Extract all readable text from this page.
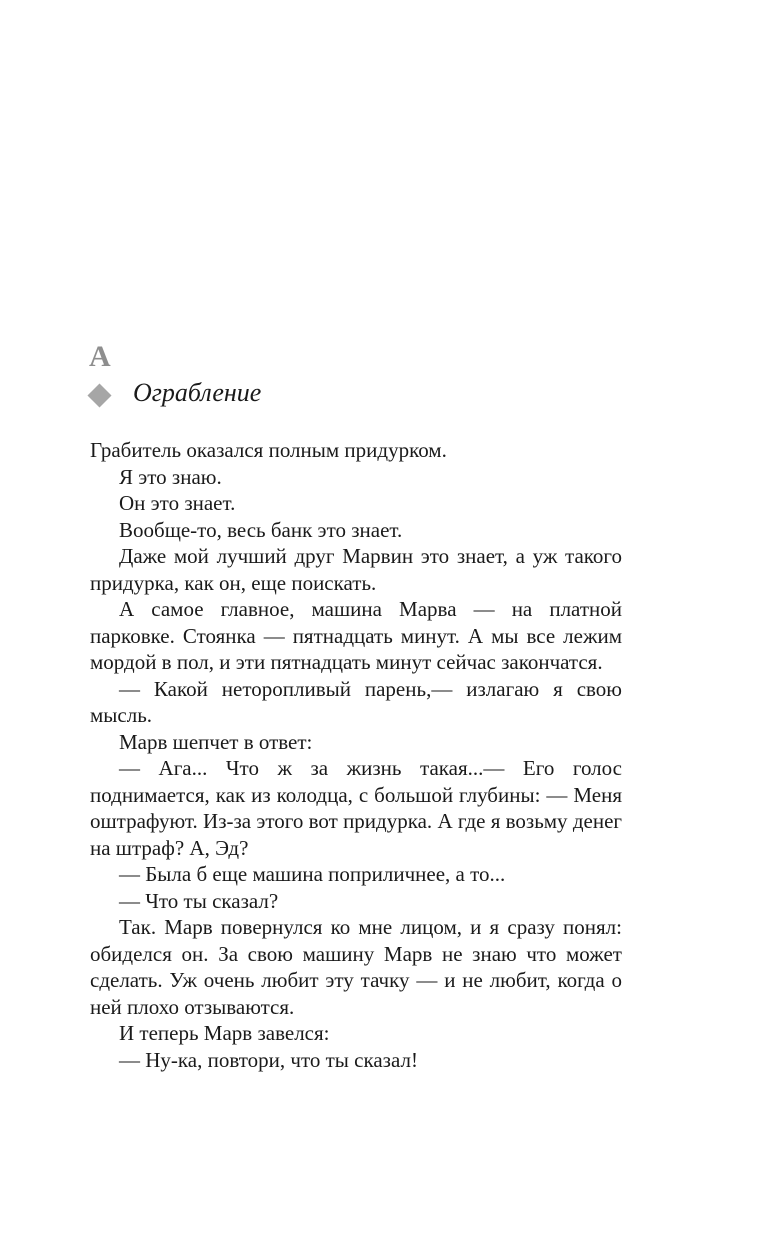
А
Ограбление

Грабитель оказался полным придурком.

Я это знаю.

Он это знает.

Вообще-то, весь банк это знает.

Даже мой лучший друг Марвин это знает, а уж такого придурка, как он, еще поискать.

А самое главное, машина Марва — на платной парковке. Стоянка — пятнадцать минут. А мы все лежим мордой в пол, и эти пятнадцать минут сейчас закончатся.

— Какой неторопливый парень,— излагаю я свою мысль.

Марв шепчет в ответ:

— Ага... Что ж за жизнь такая...— Его голос поднимается, как из колодца, с большой глубины: — Меня оштрафуют. Из-за этого вот придурка. А где я возьму денег на штраф? А, Эд?

— Была б еще машина поприличнее, а то...

— Что ты сказал?

Так. Марв повернулся ко мне лицом, и я сразу понял: обиделся он. За свою машину Марв не знаю что может сделать. Уж очень любит эту тачку — и не любит, когда о ней плохо отзываются.

И теперь Марв завелся:

— Ну-ка, повтори, что ты сказал!
